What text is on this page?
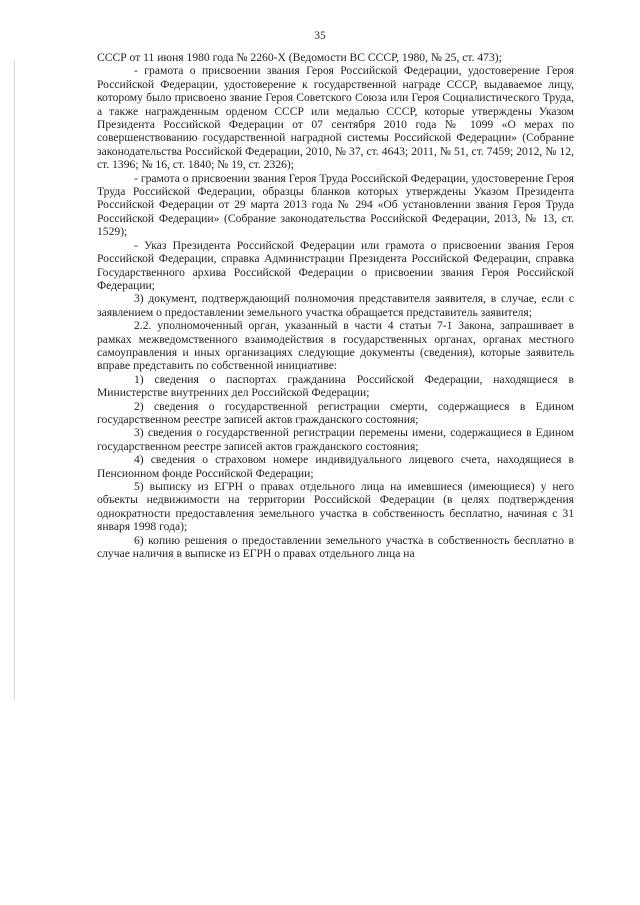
35

СССР от 11 июня 1980 года № 2260-X (Ведомости ВС СССР, 1980, № 25, ст. 473);

- грамота о присвоении звания Героя Российской Федерации, удостоверение Героя Российской Федерации, удостоверение к государственной награде СССР, выдаваемое лицу, которому было присвоено звание Героя Советского Союза или Героя Социалистического Труда, а также награжденным орденом СССР или медалью СССР, которые утверждены Указом Президента Российской Федерации от 07 сентября 2010 года № 1099 «О мерах по совершенствованию государственной наградной системы Российской Федерации» (Собрание законодательства Российской Федерации, 2010, № 37, ст. 4643; 2011, № 51, ст. 7459; 2012, № 12, ст. 1396; № 16, ст. 1840; № 19, ст. 2326);

- грамота о присвоении звания Героя Труда Российской Федерации, удостоверение Героя Труда Российской Федерации, образцы бланков которых утверждены Указом Президента Российской Федерации от 29 марта 2013 года № 294 «Об установлении звания Героя Труда Российской Федерации» (Собрание законодательства Российской Федерации, 2013, № 13, ст. 1529);

- Указ Президента Российской Федерации или грамота о присвоении звания Героя Российской Федерации, справка Администрации Президента Российской Федерации, справка Государственного архива Российской Федерации о присвоении звания Героя Российской Федерации;

3) документ, подтверждающий полномочия представителя заявителя, в случае, если с заявлением о предоставлении земельного участка обращается представитель заявителя;

2.2. уполномоченный орган, указанный в части 4 статьи 7-1 Закона, запрашивает в рамках межведомственного взаимодействия в государственных органах, органах местного самоуправления и иных организациях следующие документы (сведения), которые заявитель вправе представить по собственной инициативе:

1) сведения о паспортах гражданина Российской Федерации, находящиеся в Министерстве внутренних дел Российской Федерации;

2) сведения о государственной регистрации смерти, содержащиеся в Едином государственном реестре записей актов гражданского состояния;

3) сведения о государственной регистрации перемены имени, содержащиеся в Едином государственном реестре записей актов гражданского состояния;

4) сведения о страховом номере индивидуального лицевого счета, находящиеся в Пенсионном фонде Российской Федерации;

5) выписку из ЕГРН о правах отдельного лица на имевшиеся (имеющиеся) у него объекты недвижимости на территории Российской Федерации (в целях подтверждения однократности предоставления земельного участка в собственность бесплатно, начиная с 31 января 1998 года);

6) копию решения о предоставлении земельного участка в собственность бесплатно в случае наличия в выписке из ЕГРН о правах отдельного лица на
